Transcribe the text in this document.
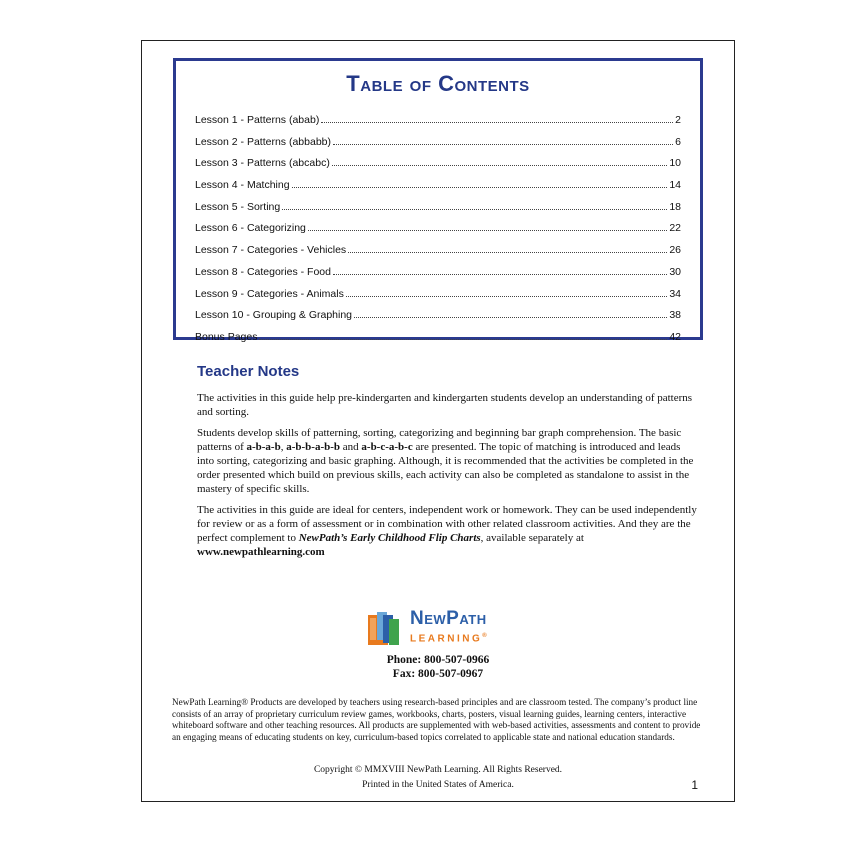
Table of Contents
Lesson 1 - Patterns (abab)	2
Lesson 2 - Patterns (abbabb)	6
Lesson 3 - Patterns (abcabc)	10
Lesson 4 - Matching	14
Lesson 5 - Sorting	18
Lesson 6 - Categorizing	22
Lesson 7 - Categories - Vehicles	26
Lesson 8 - Categories - Food	30
Lesson 9 - Categories - Animals	34
Lesson 10 - Grouping & Graphing	38
Bonus Pages	42
Teacher Notes

The activities in this guide help pre-kindergarten and kindergarten students develop an understanding of patterns and sorting.

Students develop skills of patterning, sorting, categorizing and beginning bar graph comprehension. The basic patterns of a-b-a-b, a-b-b-a-b-b and a-b-c-a-b-c are presented. The topic of matching is introduced and leads into sorting, categorizing and basic graphing. Although, it is recommended that the activities be completed in the order presented which build on previous skills, each activity can also be completed as standalone to assist in the mastery of specific skills.

The activities in this guide are ideal for centers, independent work or homework. They can be used independently for review or as a form of assessment or in combination with other related classroom activities. And they are the perfect complement to NewPath’s Early Childhood Flip Charts, available separately at www.newpathlearning.com

NewPath
LEARNING®
Phone: 800-507-0966
Fax: 800-507-0967
NewPath Learning® Products are developed by teachers using research-based principles and are classroom tested. The company’s product line consists of an array of proprietary curriculum review games, workbooks, charts, posters, visual learning guides, learning centers, interactive whiteboard software and other teaching resources. All products are supplemented with web-based activities, assessments and content to provide an engaging means of educating students on key, curriculum-based topics correlated to applicable state and national education standards.
Copyright © MMXVIII NewPath Learning. All Rights Reserved.
Printed in the United States of America.	1
